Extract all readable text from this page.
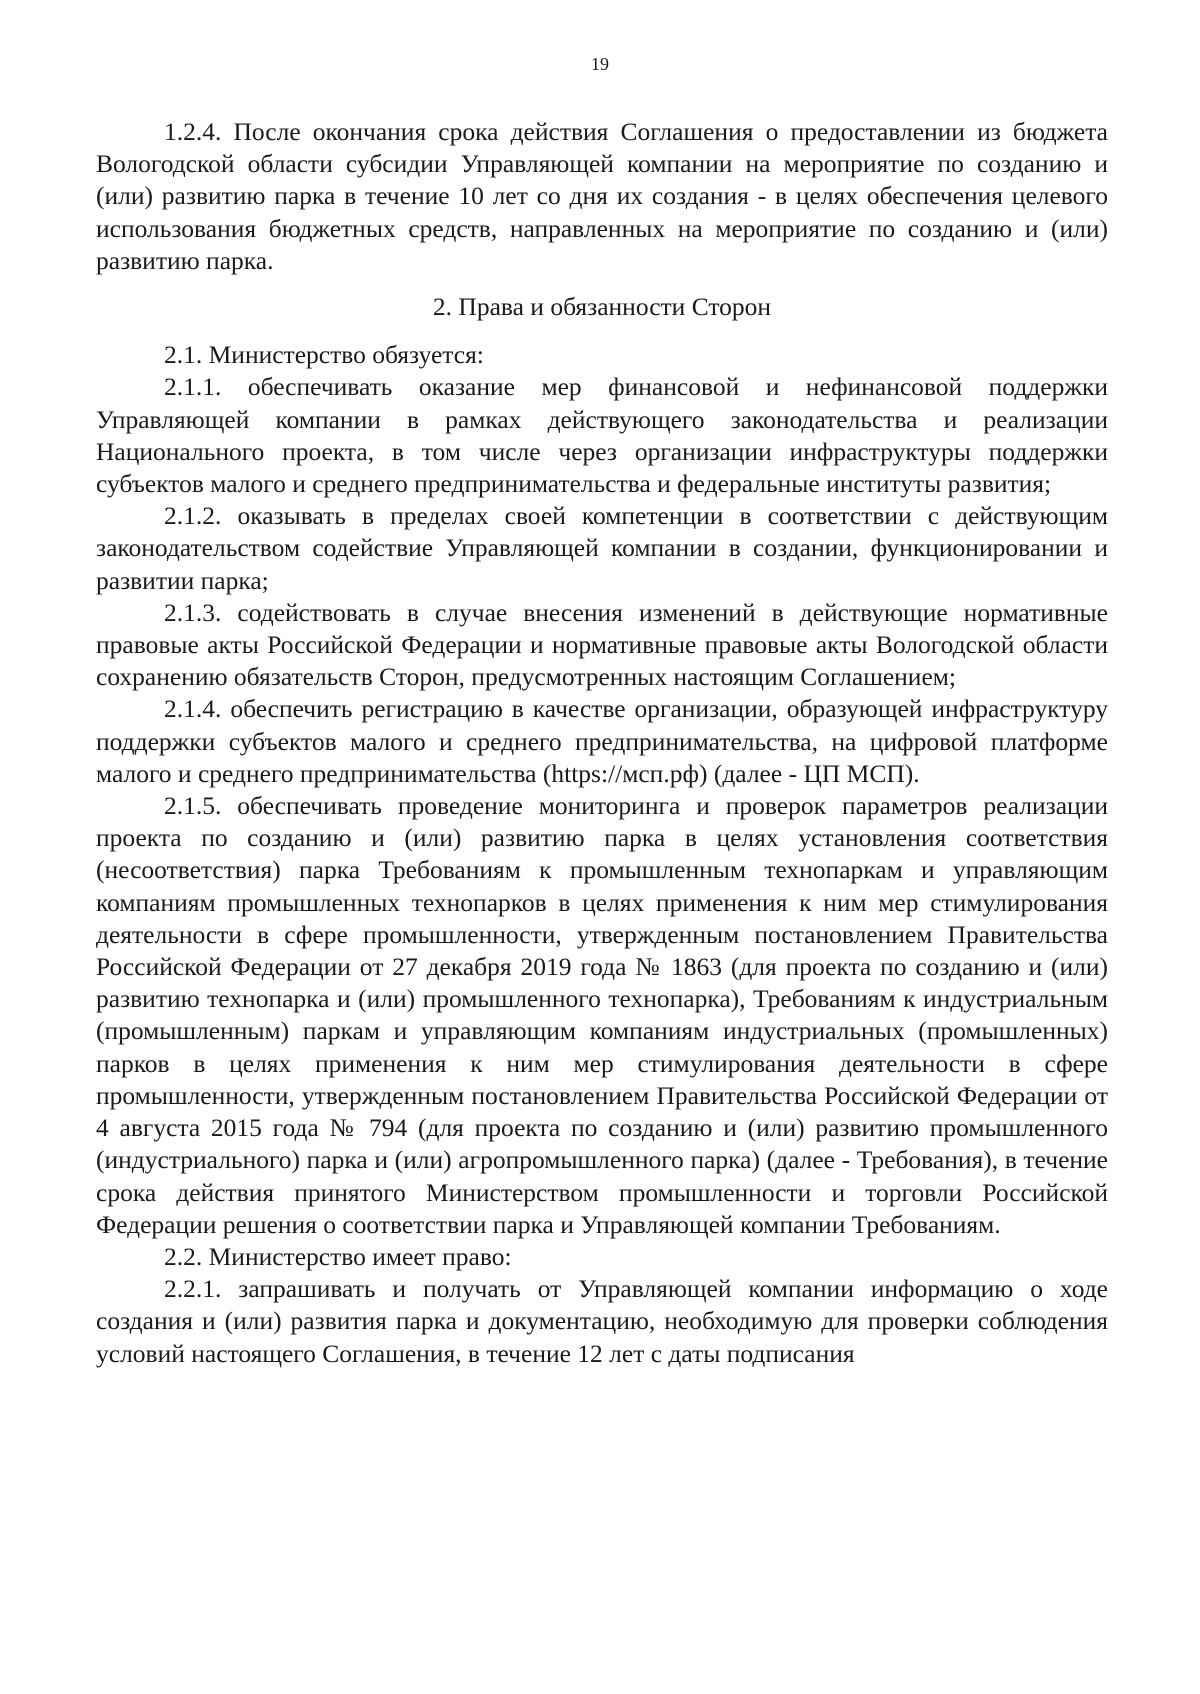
19

1.2.4. После окончания срока действия Соглашения о предоставлении из бюджета Вологодской области субсидии Управляющей компании на мероприятие по созданию и (или) развитию парка в течение 10 лет со дня их создания - в целях обеспечения целевого использования бюджетных средств, направленных на мероприятие по созданию и (или) развитию парка.

2. Права и обязанности Сторон

2.1. Министерство обязуется:

2.1.1. обеспечивать оказание мер финансовой и нефинансовой поддержки Управляющей компании в рамках действующего законодательства и реализации Национального проекта, в том числе через организации инфраструктуры поддержки субъектов малого и среднего предпринимательства и федеральные институты развития;

2.1.2. оказывать в пределах своей компетенции в соответствии с действующим законодательством содействие Управляющей компании в создании, функционировании и развитии парка;

2.1.3. содействовать в случае внесения изменений в действующие нормативные правовые акты Российской Федерации и нормативные правовые акты Вологодской области сохранению обязательств Сторон, предусмотренных настоящим Соглашением;

2.1.4. обеспечить регистрацию в качестве организации, образующей инфраструктуру поддержки субъектов малого и среднего предпринимательства, на цифровой платформе малого и среднего предпринимательства (https://мсп.рф) (далее - ЦП МСП).

2.1.5. обеспечивать проведение мониторинга и проверок параметров реализации проекта по созданию и (или) развитию парка в целях установления соответствия (несоответствия) парка Требованиям к промышленным технопаркам и управляющим компаниям промышленных технопарков в целях применения к ним мер стимулирования деятельности в сфере промышленности, утвержденным постановлением Правительства Российской Федерации от 27 декабря 2019 года № 1863 (для проекта по созданию и (или) развитию технопарка и (или) промышленного технопарка), Требованиям к индустриальным (промышленным) паркам и управляющим компаниям индустриальных (промышленных) парков в целях применения к ним мер стимулирования деятельности в сфере промышленности, утвержденным постановлением Правительства Российской Федерации от 4 августа 2015 года № 794 (для проекта по созданию и (или) развитию промышленного (индустриального) парка и (или) агропромышленного парка) (далее - Требования), в течение срока действия принятого Министерством промышленности и торговли Российской Федерации решения о соответствии парка и Управляющей компании Требованиям.

2.2. Министерство имеет право:

2.2.1. запрашивать и получать от Управляющей компании информацию о ходе создания и (или) развития парка и документацию, необходимую для проверки соблюдения условий настоящего Соглашения, в течение 12 лет с даты подписания
